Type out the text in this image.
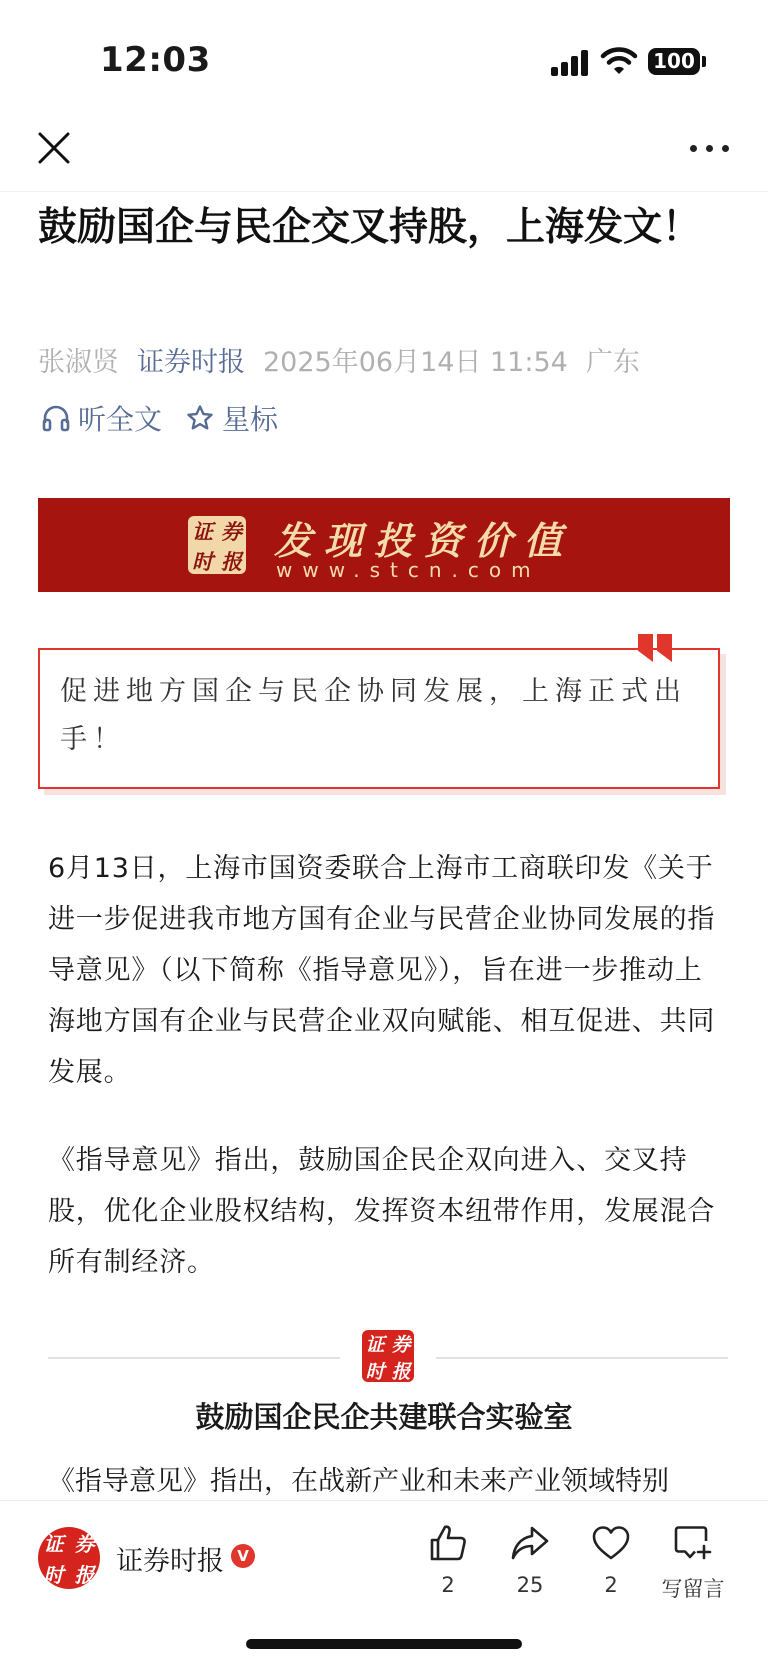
12:03	100
鼓励国企与民企交叉持股，上海发文！
张淑贤 证券时报 2025年06月14日 11:54 广东
听全文 星标
证 券
时 报 发现投资价值
www.stcn.com
促进地方国企与民企协同发展，上海正式出手！
6月13日，上海市国资委联合上海市工商联印发《关于进一步促进我市地方国有企业与民营企业协同发展的指导意见》（以下简称《指导意见》），旨在进一步推动上海地方国有企业与民营企业双向赋能、相互促进、共同发展。
《指导意见》指出，鼓励国企民企双向进入、交叉持股，优化企业股权结构，发挥资本纽带作用，发展混合所有制经济。
证 券
时 报
鼓励国企民企共建联合实验室
《指导意见》指出，在战新产业和未来产业领域特别
证 券
时 报 证券时报 V
2	25	2	写留言
